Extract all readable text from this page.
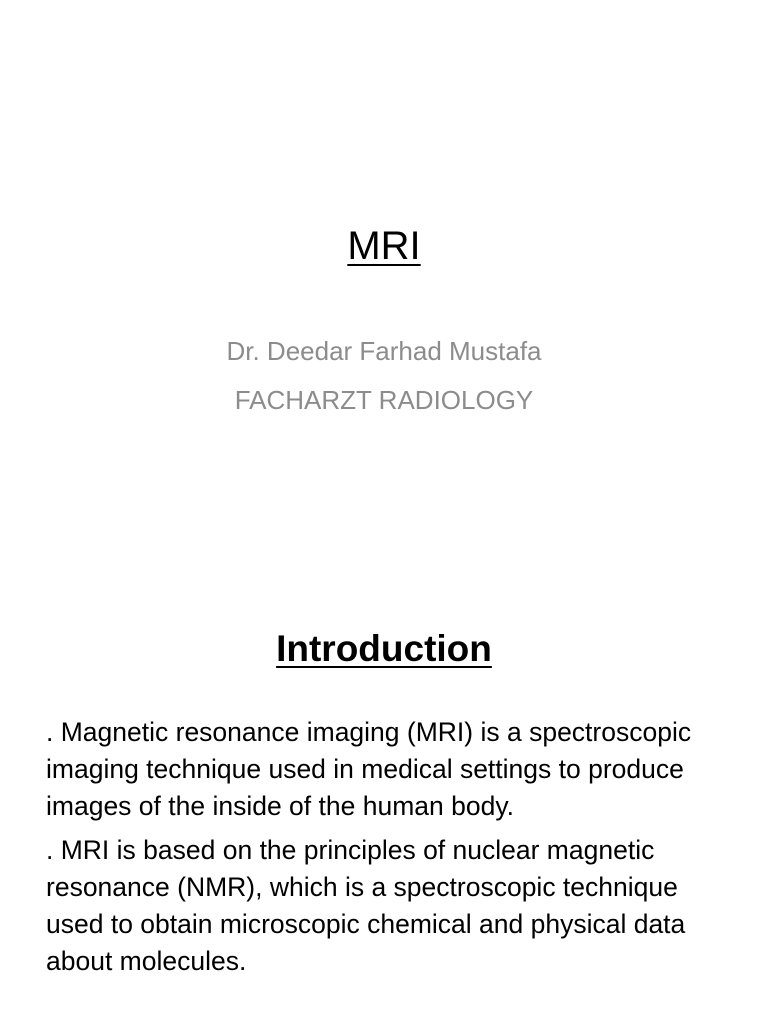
MRI
Dr. Deedar Farhad Mustafa
FACHARZT RADIOLOGY
Introduction

. Magnetic resonance imaging (MRI) is a spectroscopic imaging technique used in medical settings to produce images of the inside of the human body.

. MRI is based on the principles of nuclear magnetic resonance (NMR), which is a spectroscopic technique used to obtain microscopic chemical and physical data about molecules.
